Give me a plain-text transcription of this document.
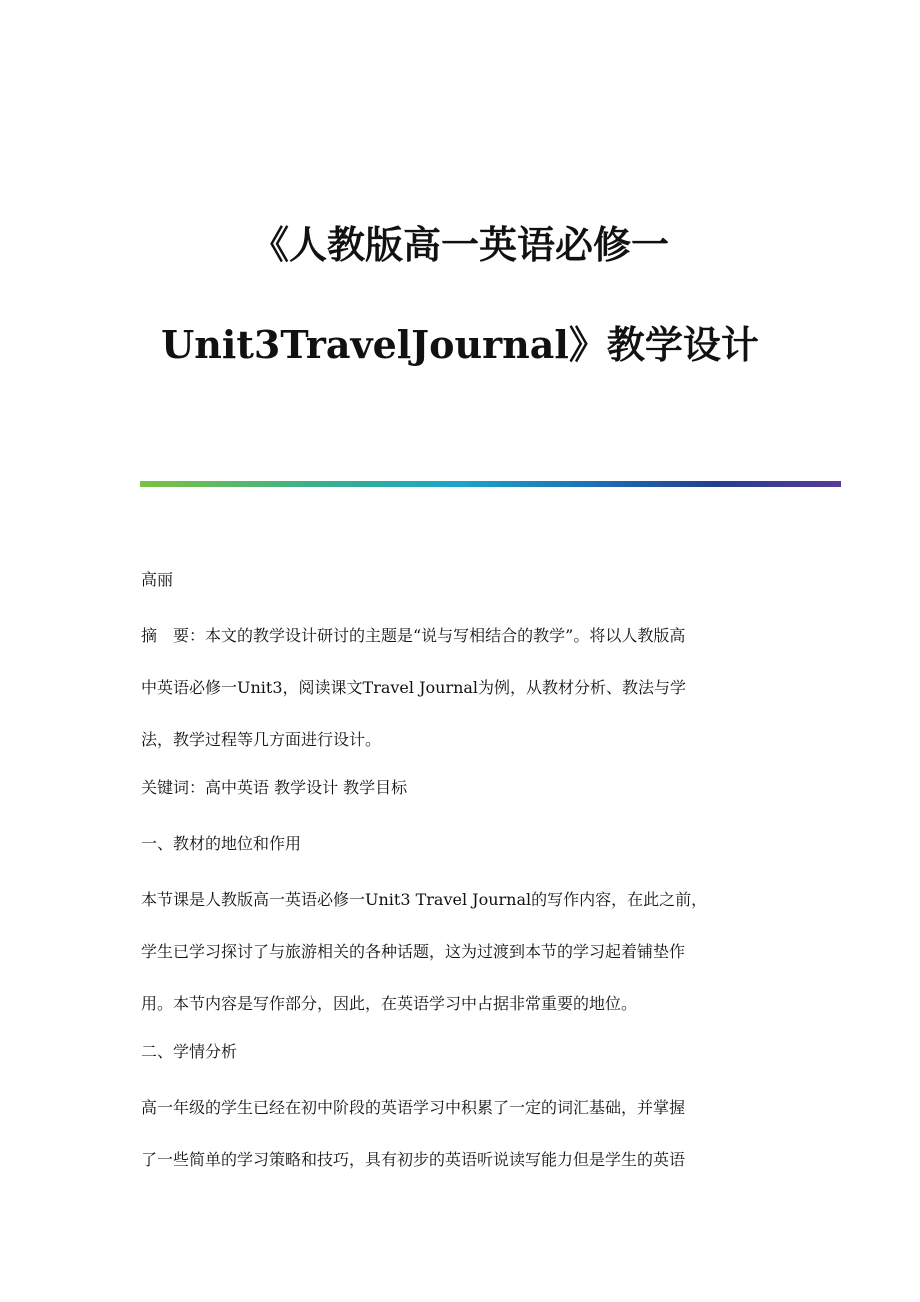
《人教版高一英语必修一
Unit3TravelJournal》教学设计
高丽
摘　要：本文的教学设计研讨的主题是“说与写相结合的教学”。将以人教版高
中英语必修一Unit3，阅读课文Travel Journal为例，从教材分析、教法与学
法，教学过程等几方面进行设计。
关键词：高中英语 教学设计 教学目标
一、教材的地位和作用
本节课是人教版高一英语必修一Unit3 Travel Journal的写作内容，在此之前，
学生已学习探讨了与旅游相关的各种话题，这为过渡到本节的学习起着铺垫作
用。本节内容是写作部分，因此，在英语学习中占据非常重要的地位。
二、学情分析
高一年级的学生已经在初中阶段的英语学习中积累了一定的词汇基础，并掌握
了一些简单的学习策略和技巧，具有初步的英语听说读写能力但是学生的英语
